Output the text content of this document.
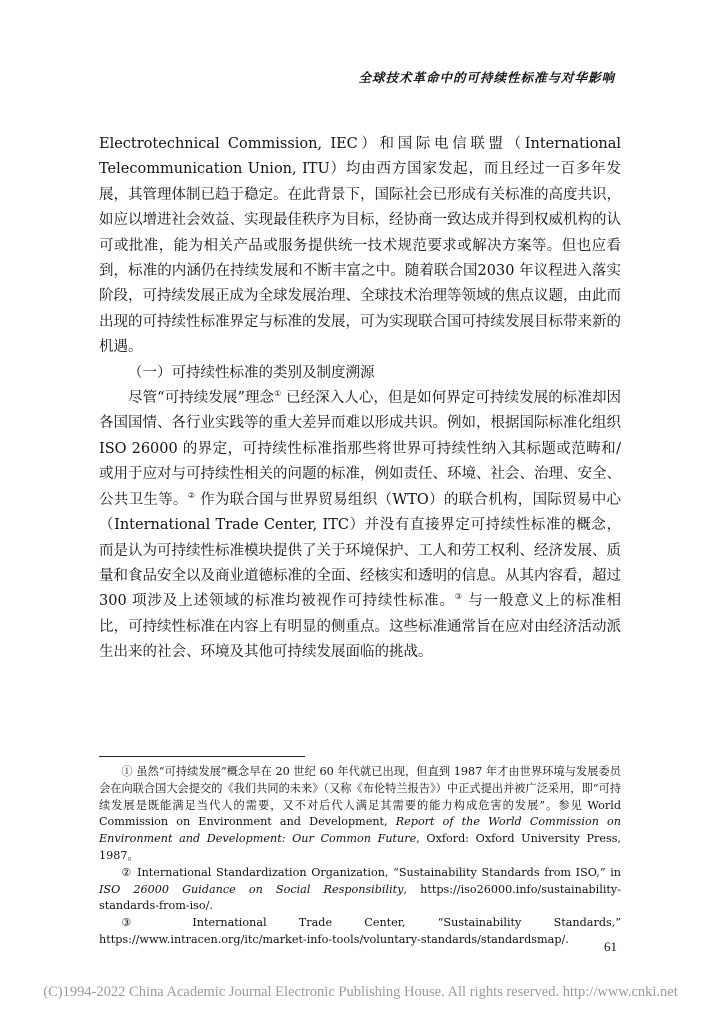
全球技术革命中的可持续性标准与对华影响

Electrotechnical Commission, IEC）和国际电信联盟（International Telecommunication Union, ITU）均由西方国家发起，而且经过一百多年发展，其管理体制已趋于稳定。在此背景下，国际社会已形成有关标准的高度共识，如应以增进社会效益、实现最佳秩序为目标，经协商一致达成并得到权威机构的认可或批准，能为相关产品或服务提供统一技术规范要求或解决方案等。但也应看到，标准的内涵仍在持续发展和不断丰富之中。随着联合国2030 年议程进入落实阶段，可持续发展正成为全球发展治理、全球技术治理等领域的焦点议题，由此而出现的可持续性标准界定与标准的发展，可为实现联合国可持续发展目标带来新的机遇。

（一）可持续性标准的类别及制度溯源

尽管“可持续发展”理念① 已经深入人心，但是如何界定可持续发展的标准却因各国国情、各行业实践等的重大差异而难以形成共识。例如，根据国际标准化组织 ISO 26000 的界定，可持续性标准指那些将世界可持续性纳入其标题或范畴和/或用于应对与可持续性相关的问题的标准，例如责任、环境、社会、治理、安全、公共卫生等。② 作为联合国与世界贸易组织（WTO）的联合机构，国际贸易中心（International Trade Center, ITC）并没有直接界定可持续性标准的概念，而是认为可持续性标准模块提供了关于环境保护、工人和劳工权利、经济发展、质量和食品安全以及商业道德标准的全面、经核实和透明的信息。从其内容看，超过 300 项涉及上述领域的标准均被视作可持续性标准。③ 与一般意义上的标准相比，可持续性标准在内容上有明显的侧重点。这些标准通常旨在应对由经济活动派生出来的社会、环境及其他可持续发展面临的挑战。

① 虽然“可持续发展”概念早在 20 世纪 60 年代就已出现，但直到 1987 年才由世界环境与发展委员会在向联合国大会提交的《我们共同的未来》（又称《布伦特兰报告》）中正式提出并被广泛采用，即“可持续发展是既能满足当代人的需要，又不对后代人满足其需要的能力构成危害的发展”。参见 World Commission on Environment and Development, Report of the World Commission on Environment and Development: Our Common Future, Oxford: Oxford University Press, 1987。

② International Standardization Organization, “Sustainability Standards from ISO,” in ISO 26000 Guidance on Social Responsibility, https://iso26000.info/sustainability-standards-from-iso/.

③ International Trade Center, “Sustainability Standards,” https://www.intracen.org/itc/market-info-tools/voluntary-standards/standardsmap/.	61
(C)1994-2022 China Academic Journal Electronic Publishing House. All rights reserved. http://www.cnki.net
